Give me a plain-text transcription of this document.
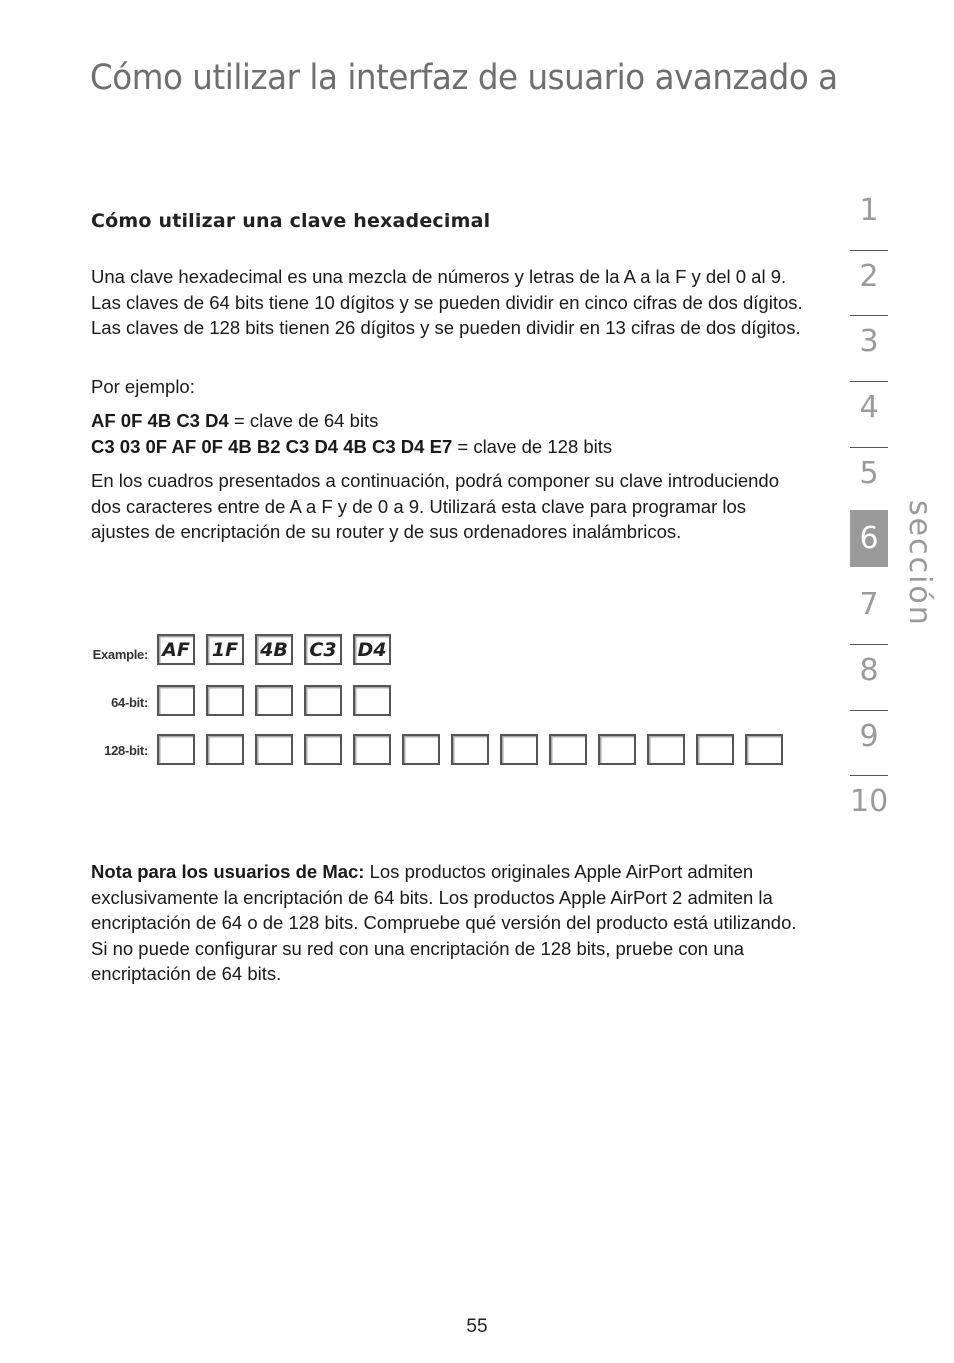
Cómo utilizar la interfaz de usuario avanzado a
Cómo utilizar una clave hexadecimal

Una clave hexadecimal es una mezcla de números y letras de la A a la F y del 0 al 9. Las claves de 64 bits tiene 10 dígitos y se pueden dividir en cinco cifras de dos dígitos. Las claves de 128 bits tienen 26 dígitos y se pueden dividir en 13 cifras de dos dígitos.

Por ejemplo:

AF 0F 4B C3 D4 = clave de 64 bits

C3 03 0F AF 0F 4B B2 C3 D4 4B C3 D4 E7 = clave de 128 bits

En los cuadros presentados a continuación, podrá componer su clave introduciendo dos caracteres entre de A a F y de 0 a 9. Utilizará esta clave para programar los ajustes de encriptación de su router y de sus ordenadores inalámbricos.

Example:
64-bit:
128-bit:
AF	1F	4B C3 D4
1
2
3
4
5
6
7
8
9
10
sección

Nota para los usuarios de Mac: Los productos originales Apple AirPort admiten exclusivamente la encriptación de 64 bits. Los productos Apple AirPort 2 admiten la encriptación de 64 o de 128 bits. Compruebe qué versión del producto está utilizando. Si no puede configurar su red con una encriptación de 128 bits, pruebe con una encriptación de 64 bits.

55
